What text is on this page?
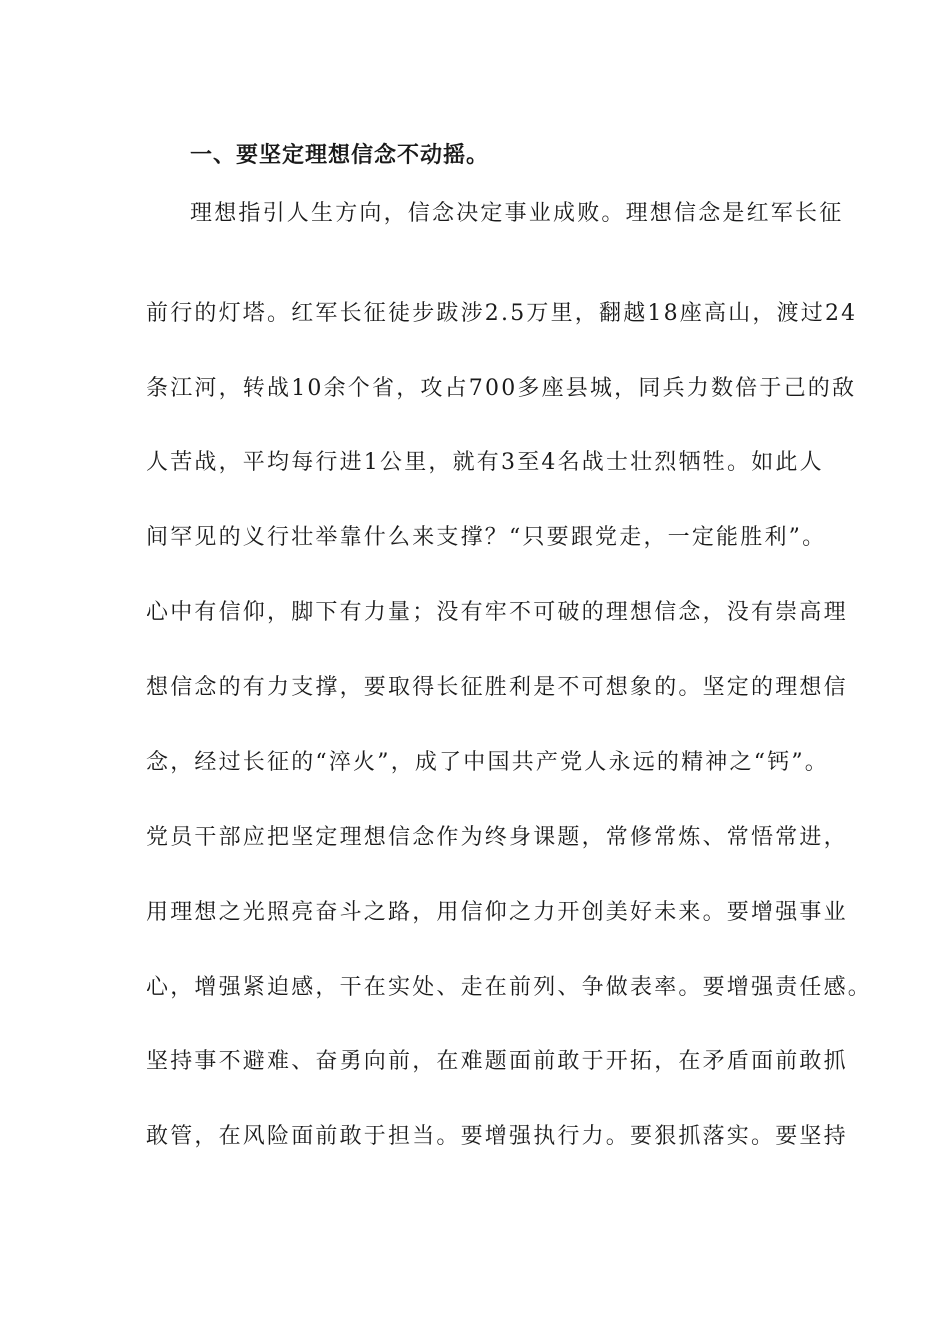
一、要坚定理想信念不动摇。
理想指引人生方向，信念决定事业成败。理想信念是红军长征
前行的灯塔。红军长征徒步跋涉2.5万里，翻越18座高山，渡过24
条江河，转战10余个省，攻占700多座县城，同兵力数倍于己的敌
人苦战，平均每行进1公里，就有3至4名战士壮烈牺牲。如此人
间罕见的义行壮举靠什么来支撑？“只要跟党走，一定能胜利”。
心中有信仰，脚下有力量；没有牢不可破的理想信念，没有崇高理
想信念的有力支撑，要取得长征胜利是不可想象的。坚定的理想信
念，经过长征的“淬火”，成了中国共产党人永远的精神之“钙”。
党员干部应把坚定理想信念作为终身课题，常修常炼、常悟常进，
用理想之光照亮奋斗之路，用信仰之力开创美好未来。要增强事业
心，增强紧迫感，干在实处、走在前列、争做表率。要增强责任感。
坚持事不避难、奋勇向前，在难题面前敢于开拓，在矛盾面前敢抓
敢管，在风险面前敢于担当。要增强执行力。要狠抓落实。要坚持
